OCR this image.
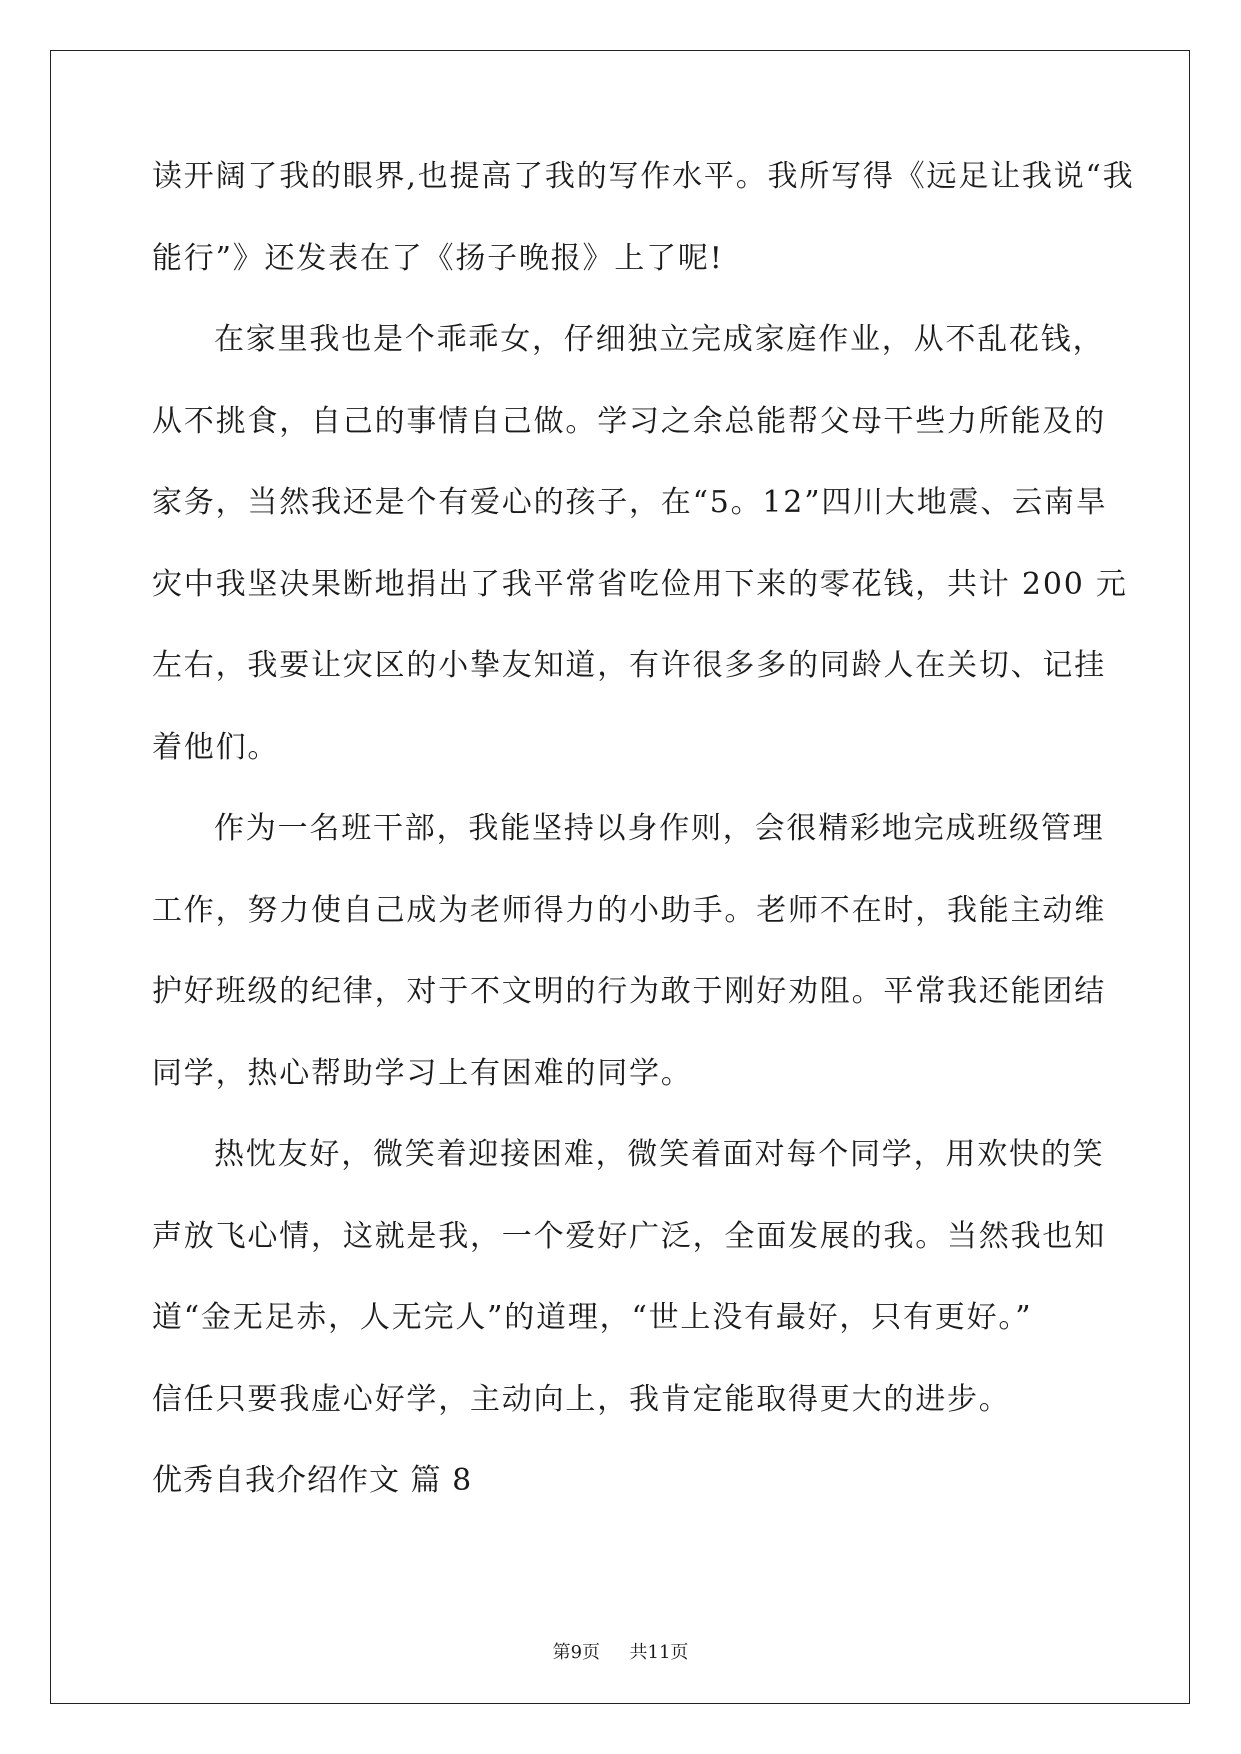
读开阔了我的眼界,也提高了我的写作水平。我所写得《远足让我说“我
能行”》还发表在了《扬子晚报》上了呢!
在家里我也是个乖乖女，仔细独立完成家庭作业，从不乱花钱，
从不挑食，自己的事情自己做。学习之余总能帮父母干些力所能及的
家务，当然我还是个有爱心的孩子，在“5。12”四川大地震、云南旱
灾中我坚决果断地捐出了我平常省吃俭用下来的零花钱，共计 200 元
左右，我要让灾区的小挚友知道，有许很多多的同龄人在关切、记挂
着他们。
作为一名班干部，我能坚持以身作则，会很精彩地完成班级管理
工作，努力使自己成为老师得力的小助手。老师不在时，我能主动维
护好班级的纪律，对于不文明的行为敢于刚好劝阻。平常我还能团结
同学，热心帮助学习上有困难的同学。
热忱友好，微笑着迎接困难，微笑着面对每个同学，用欢快的笑
声放飞心情，这就是我，一个爱好广泛，全面发展的我。当然我也知
道“金无足赤，人无完人”的道理，“世上没有最好，只有更好。”
信任只要我虚心好学，主动向上，我肯定能取得更大的进步。
优秀自我介绍作文 篇 8
第9页 共11页
